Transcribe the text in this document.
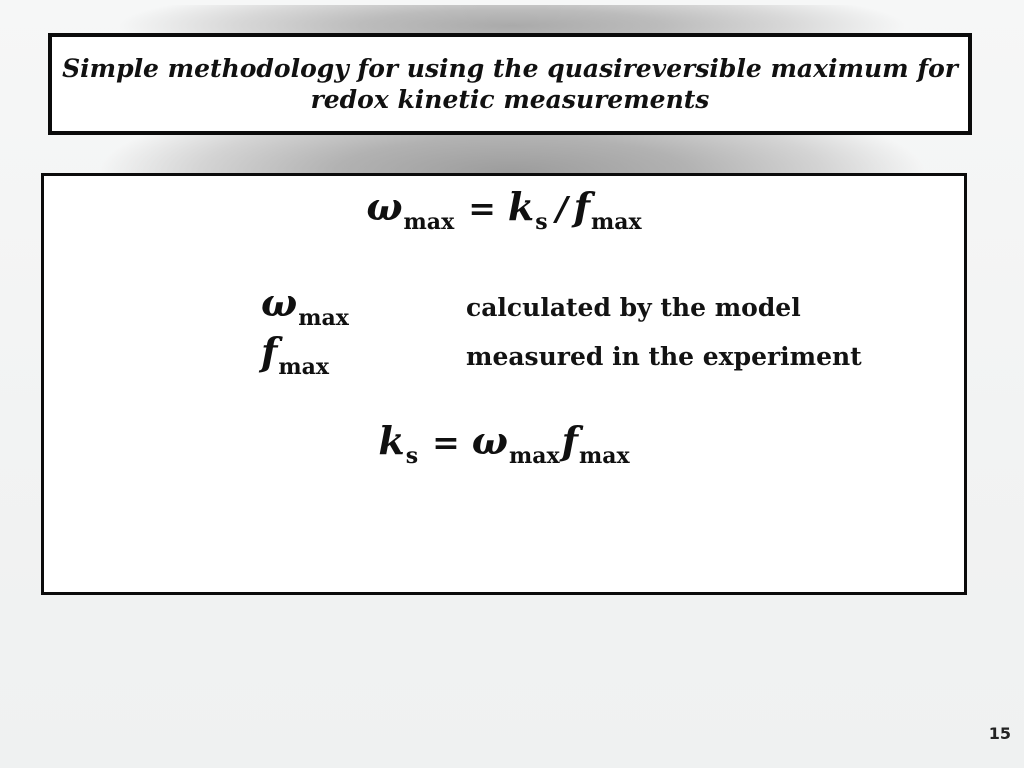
Simple methodology for using the quasireversible maximum for
redox kinetic measurements
ωmax = ks / fmax
ωmax	calculated by the model
fmax	measured in the experiment
ks = ωmaxfmax
15
